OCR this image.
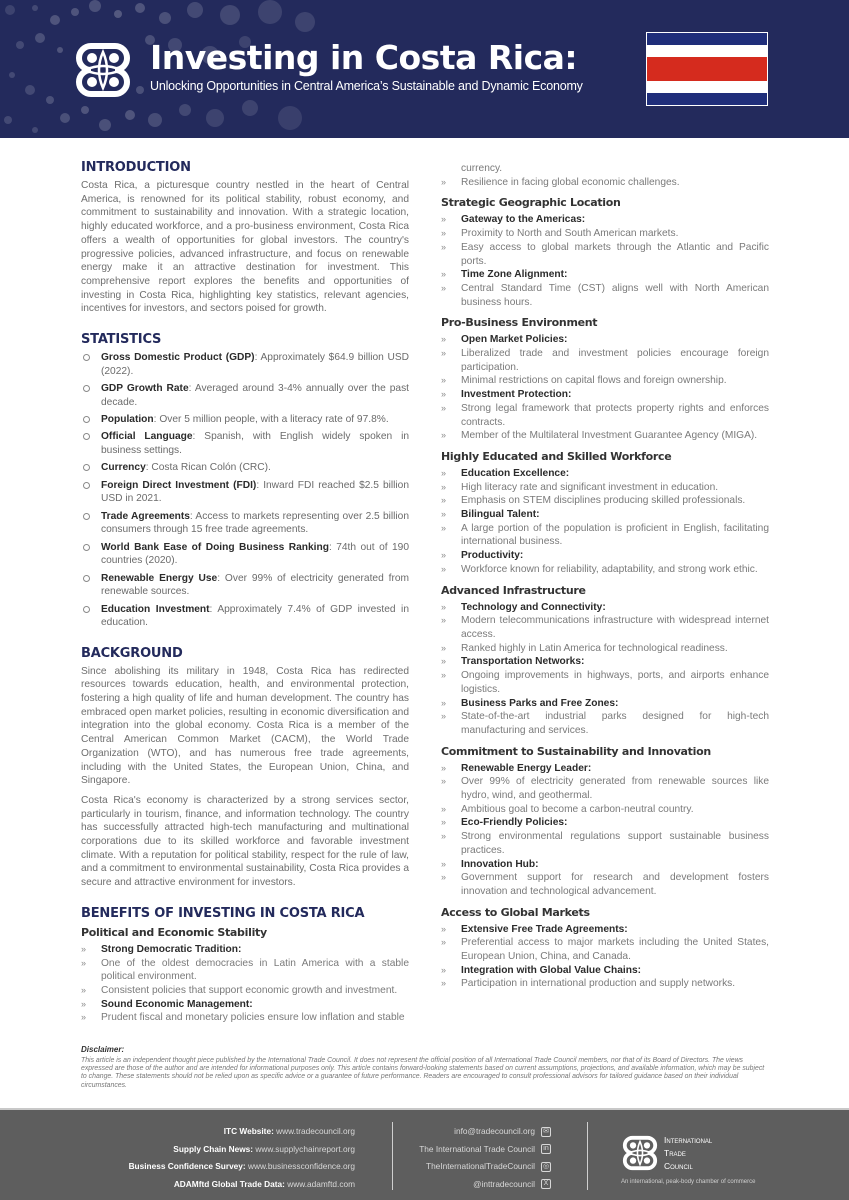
Investing in Costa Rica:
Unlocking Opportunities in Central America’s Sustainable and Dynamic Economy
INTRODUCTION

Costa Rica, a picturesque country nestled in the heart of Central America, is renowned for its political stability, robust economy, and commitment to sustainability and innovation. With a strategic location, highly educated workforce, and a pro-business environment, Costa Rica offers a wealth of opportunities for global investors. The country's progressive policies, advanced infrastructure, and focus on renewable energy make it an attractive destination for investment. This comprehensive report explores the benefits and opportunities of investing in Costa Rica, highlighting key statistics, relevant agencies, incentives for investors, and sectors poised for growth.

STATISTICS
Gross Domestic Product (GDP): Approximately $64.9 billion USD (2022).
GDP Growth Rate: Averaged around 3-4% annually over the past decade.
Population: Over 5 million people, with a literacy rate of 97.8%.
Official Language: Spanish, with English widely spoken in business settings.
Currency: Costa Rican Colón (CRC).
Foreign Direct Investment (FDI): Inward FDI reached $2.5 billion USD in 2021.
Trade Agreements: Access to markets representing over 2.5 billion consumers through 15 free trade agreements.
World Bank Ease of Doing Business Ranking: 74th out of 190 countries (2020).
Renewable Energy Use: Over 99% of electricity generated from renewable sources.
Education Investment: Approximately 7.4% of GDP invested in education.
BACKGROUND

Since abolishing its military in 1948, Costa Rica has redirected resources towards education, health, and environmental protection, fostering a high quality of life and human development. The country has embraced open market policies, resulting in economic diversification and integration into the global economy. Costa Rica is a member of the Central American Common Market (CACM), the World Trade Organization (WTO), and has numerous free trade agreements, including with the United States, the European Union, China, and Singapore.

Costa Rica's economy is characterized by a strong services sector, particularly in tourism, finance, and information technology. The country has successfully attracted high-tech manufacturing and multinational corporations due to its skilled workforce and favorable investment climate. With a reputation for political stability, respect for the rule of law, and a commitment to environmental sustainability, Costa Rica provides a secure and attractive environment for investors.

BENEFITS OF INVESTING IN COSTA RICA
Political and Economic Stability
» Strong Democratic Tradition:
» One of the oldest democracies in Latin America with a stable political environment.
» Consistent policies that support economic growth and investment.
» Sound Economic Management:
» Prudent fiscal and monetary policies ensure low inflation and stable
currency.
» Resilience in facing global economic challenges.
Strategic Geographic Location
» Gateway to the Americas:
» Proximity to North and South American markets.
» Easy access to global markets through the Atlantic and Pacific ports.
» Time Zone Alignment:
» Central Standard Time (CST) aligns well with North American business hours.
Pro-Business Environment
» Open Market Policies:
» Liberalized trade and investment policies encourage foreign participation.
» Minimal restrictions on capital flows and foreign ownership.
» Investment Protection:
» Strong legal framework that protects property rights and enforces contracts.
» Member of the Multilateral Investment Guarantee Agency (MIGA).
Highly Educated and Skilled Workforce
» Education Excellence:
» High literacy rate and significant investment in education.
» Emphasis on STEM disciplines producing skilled professionals.
» Bilingual Talent:
» A large portion of the population is proficient in English, facilitating international business.
» Productivity:
» Workforce known for reliability, adaptability, and strong work ethic.
Advanced Infrastructure
» Technology and Connectivity:
» Modern telecommunications infrastructure with widespread internet access.
» Ranked highly in Latin America for technological readiness.
» Transportation Networks:
» Ongoing improvements in highways, ports, and airports enhance logistics.
» Business Parks and Free Zones:
» State-of-the-art industrial parks designed for high-tech manufacturing and services.
Commitment to Sustainability and Innovation
» Renewable Energy Leader:
» Over 99% of electricity generated from renewable sources like hydro, wind, and geothermal.
» Ambitious goal to become a carbon-neutral country.
» Eco-Friendly Policies:
» Strong environmental regulations support sustainable business practices.
» Innovation Hub:
» Government support for research and development fosters innovation and technological advancement.
Access to Global Markets
» Extensive Free Trade Agreements:
» Preferential access to major markets including the United States, European Union, China, and Canada.
» Integration with Global Value Chains:
» Participation in international production and supply networks.
Disclaimer:
This article is an independent thought piece published by the International Trade Council. It does not represent the official position of all International Trade Council members, nor that of its Board of Directors. The views expressed are those of the author and are intended for informational purposes only. This article contains forward-looking statements based on current assumptions, projections, and available information, which may be subject to change. These statements should not be relied upon as specific advice or a guarantee of future performance. Readers are encouraged to consult professional advisors for tailored guidance based on their individual circumstances.
ITC Website: www.tradecouncil.org
Supply Chain News: www.supplychainreport.org
Business Confidence Survey: www.businessconfidence.org
ADAMftd Global Trade Data: www.adamftd.com
info@tradecouncil.org ✉
The International Trade Council	in
TheInternationalTradeCouncil ◎
@inttradecouncil	X
International
Trade
Council
An international, peak-body chamber of commerce
